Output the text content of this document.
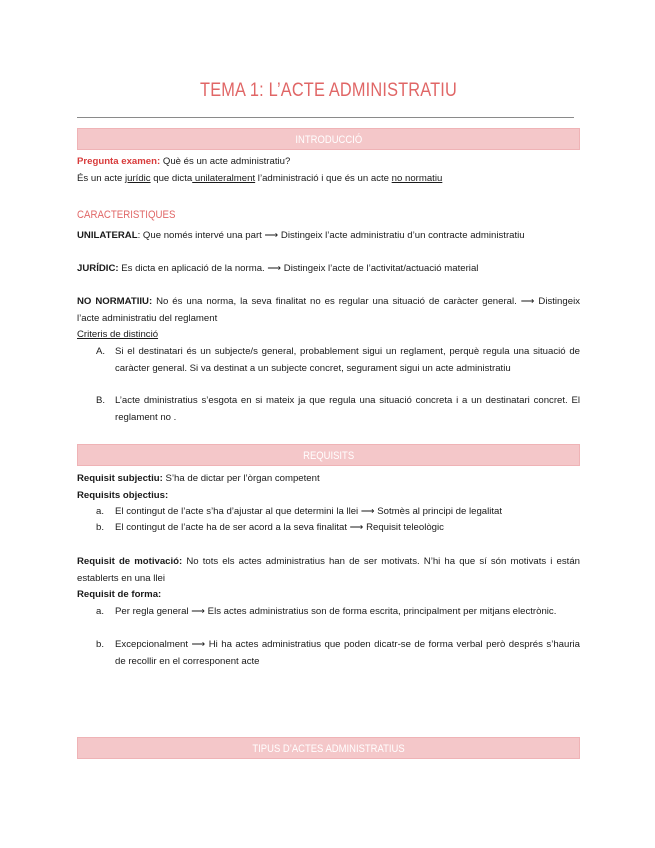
TEMA 1: L’ACTE ADMINISTRATIU
INTRODUCCIÓ
Pregunta examen: Què és un acte administratiu?
És un acte jurídic que dicta unilateralment l’administració i que és un acte no normatiu
CARACTERISTIQUES
UNILATERAL: Que només intervé una part ⟶ Distingeix l’acte administratiu d’un contracte administratiu
JURÍDIC: Es dicta en aplicació de la norma. ⟶ Distingeix l’acte de l’activitat/actuació material
NO NORMATIIU: No és una norma, la seva finalitat no es regular una situació de caràcter general. ⟶ Distingeix l’acte administratiu del reglament
Criteris de distinció
A.	Si el destinatari és un subjecte/s general, probablement sigui un reglament, perquè regula una situació de caràcter general. Si va destinat a un subjecte concret, segurament sigui un acte administratiu
B.	L’acte dministratius s’esgota en si mateix ja que regula una situació concreta i a un destinatari concret. El reglament no .
REQUISITS
Requisit subjectiu: S’ha de dictar per l’òrgan competent
Requisits objectius:
a.	El contingut de l’acte s’ha d’ajustar al que determini la llei ⟶ Sotmès al principi de legalitat
b.	El contingut de l’acte ha de ser acord a la seva finalitat ⟶ Requisit teleològic
Requisit de motivació: No tots els actes administratius han de ser motivats. N’hi ha que sí són motivats i están establerts en una llei
Requisit de forma:
a.	Per regla general ⟶ Els actes administratius son de forma escrita, principalment per mitjans electrònic.
b.	Excepcionalment ⟶ Hi ha actes administratius que poden dicatr-se de forma verbal però després s’hauria de recollir en el corresponent acte
TIPUS D’ACTES ADMINISTRATIUS
